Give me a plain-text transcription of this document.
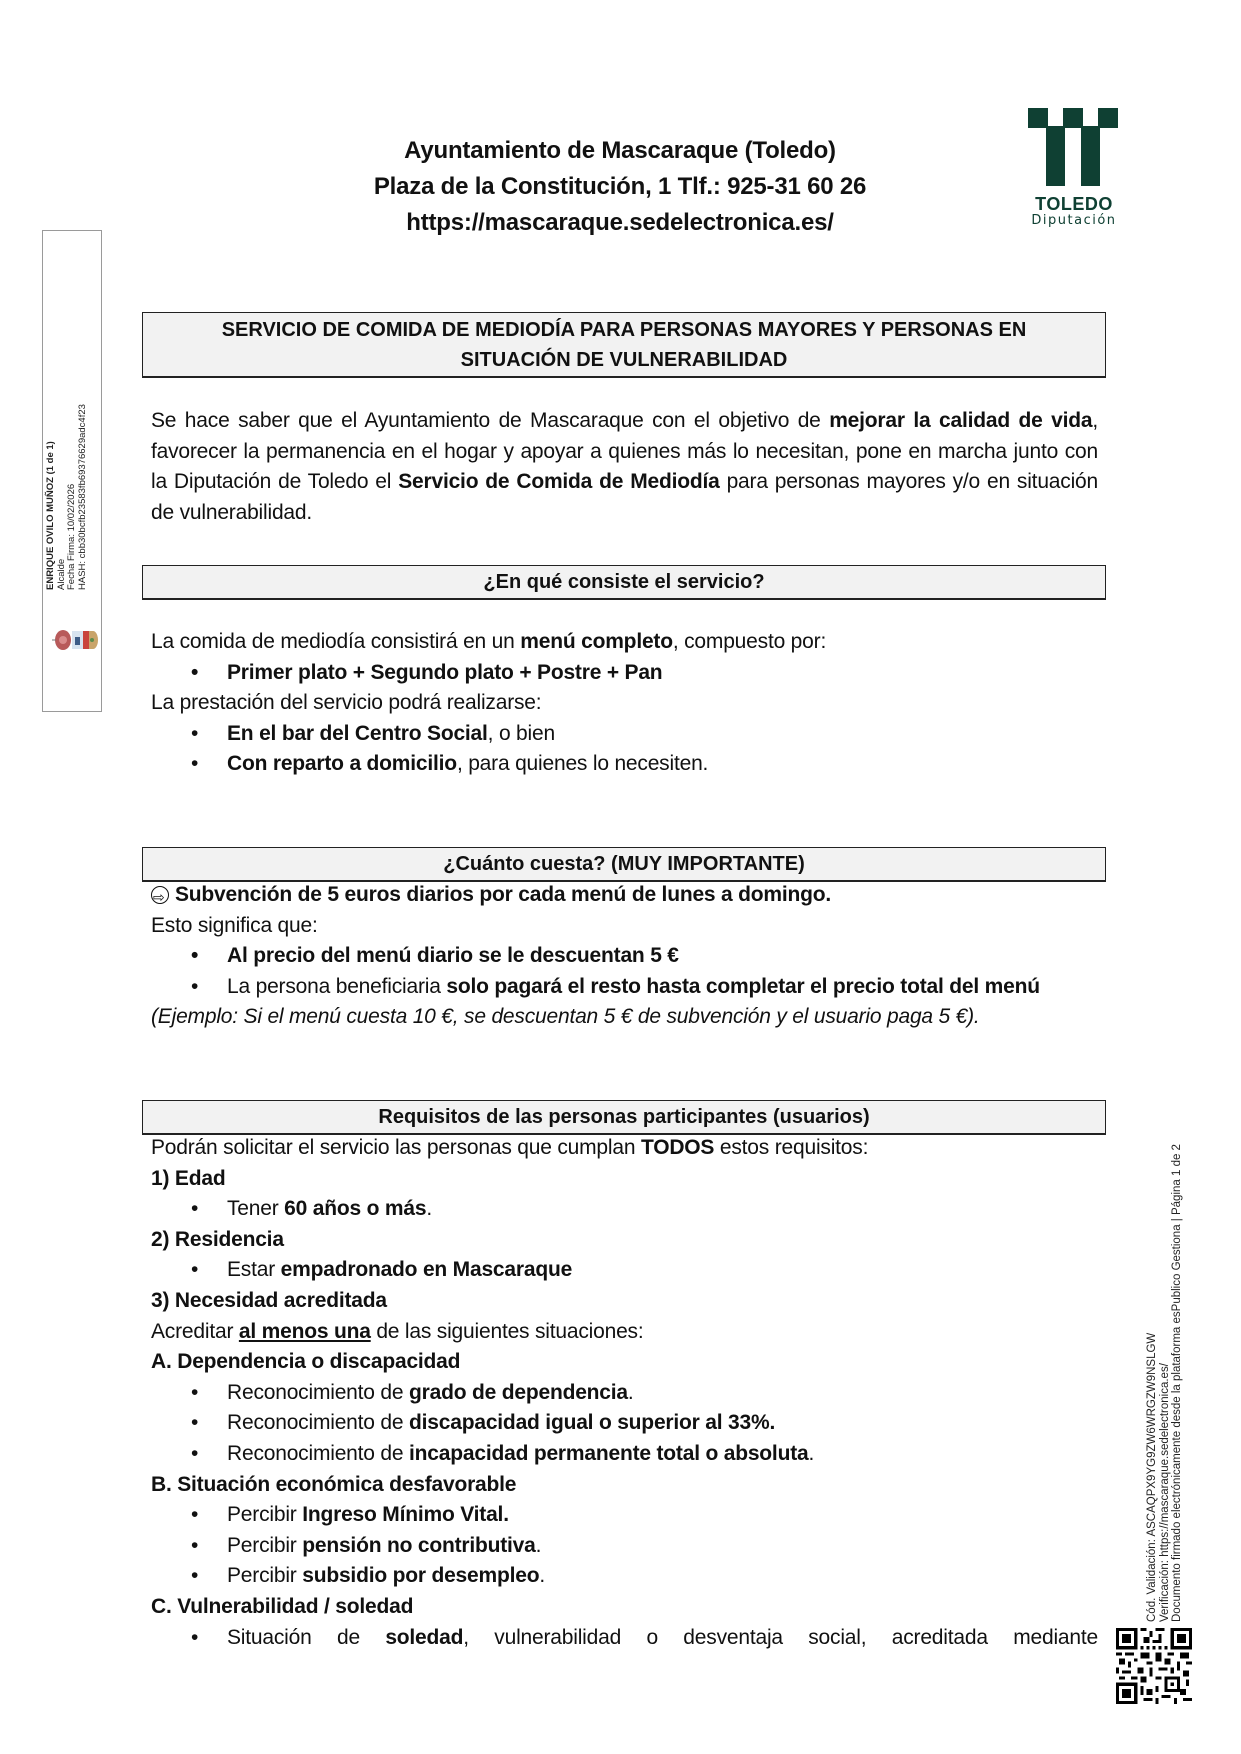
Ayuntamiento de Mascaraque (Toledo)
Plaza de la Constitución, 1 Tlf.: 925-31 60 26
https://mascaraque.sedelectronica.es/
TOLEDO
Diputación
ENRIQUE OVILO MUÑOZ (1 de 1) Alcalde Fecha Firma: 10/02/2026 HASH: cbb30bcfb23583fb69376629adc4f23
SERVICIO DE COMIDA DE MEDIODÍA PARA PERSONAS MAYORES Y PERSONAS EN
SITUACIÓN DE VULNERABILIDAD

Se hace saber que el Ayuntamiento de Mascaraque con el objetivo de mejorar la calidad de vida, favorecer la permanencia en el hogar y apoyar a quienes más lo necesitan, pone en marcha junto con la Diputación de Toledo el Servicio de Comida de Mediodía para personas mayores y/o en situación de vulnerabilidad.

¿En qué consiste el servicio?

La comida de mediodía consistirá en un menú completo, compuesto por:

• Primer plato + Segundo plato + Postre + Pan

La prestación del servicio podrá realizarse:

• En el bar del Centro Social, o bien

• Con reparto a domicilio, para quienes lo necesiten.

¿Cuánto cuesta? (MUY IMPORTANTE)

⇨Subvención de 5 euros diarios por cada menú de lunes a domingo.

Esto significa que:

• Al precio del menú diario se le descuentan 5 €

• La persona beneficiaria solo pagará el resto hasta completar el precio total del menú

(Ejemplo: Si el menú cuesta 10 €, se descuentan 5 € de subvención y el usuario paga 5 €).

Requisitos de las personas participantes (usuarios)

Podrán solicitar el servicio las personas que cumplan TODOS estos requisitos:

1) Edad

• Tener 60 años o más.

2) Residencia

• Estar empadronado en Mascaraque

3) Necesidad acreditada

Acreditar al menos una de las siguientes situaciones:

A. Dependencia o discapacidad

• Reconocimiento de grado de dependencia.

• Reconocimiento de discapacidad igual o superior al 33%.

• Reconocimiento de incapacidad permanente total o absoluta.

B. Situación económica desfavorable

• Percibir Ingreso Mínimo Vital.

• Percibir pensión no contributiva.

• Percibir subsidio por desempleo.

C. Vulnerabilidad / soledad

• Situación de soledad, vulnerabilidad o desventaja social, acreditada mediante

Cód. Validación: ASCAQPX9YG9ZW6WRGZW9NSLGW Verificación: https://mascaraque.sedelectronica.es/ Documento firmado electrónicamente desde la plataforma esPublico Gestiona | Página 1 de 2
